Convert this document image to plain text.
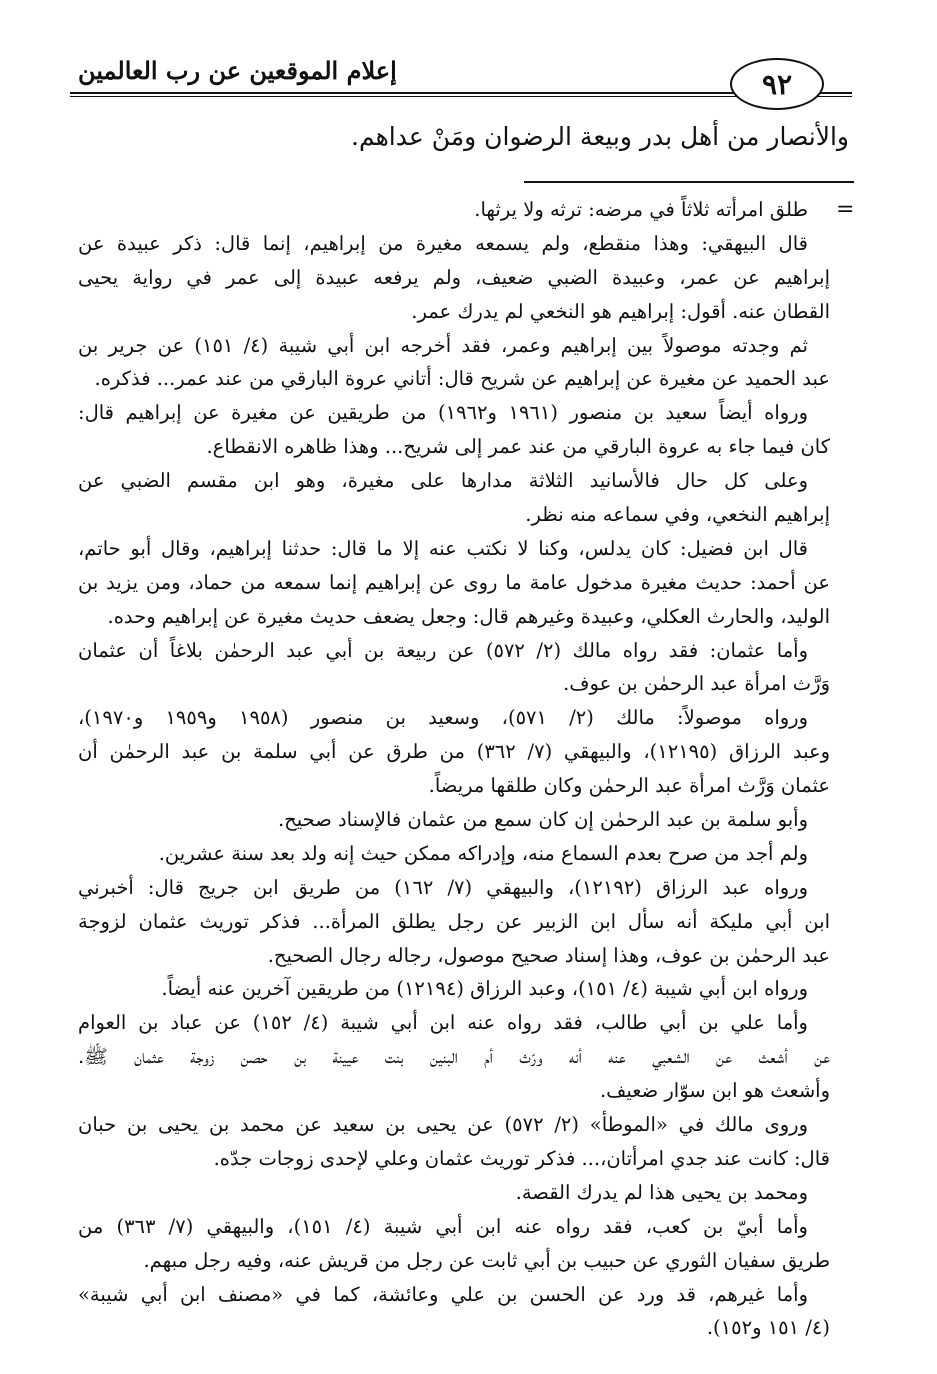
إعلام الموقعين عن رب العالمين	٩٢
والأنصار من أهل بدر وبيعة الرضوان ومَنْ عداهم.
=
طلق امرأته ثلاثاً في مرضه: ترثه ولا يرثها.
قال البيهقي: وهذا منقطع، ولم يسمعه مغيرة من إبراهيم، إنما قال: ذكر عبيدة عن
إبراهيم عن عمر، وعبيدة الضبي ضعيف، ولم يرفعه عبيدة إلى عمر في رواية يحيى
القطان عنه. أقول: إبراهيم هو النخعي لم يدرك عمر.
ثم وجدته موصولاً بين إبراهيم وعمر، فقد أخرجه ابن أبي شيبة (٤/ ١٥١) عن جرير بن
عبد الحميد عن مغيرة عن إبراهيم عن شريح قال: أتاني عروة البارقي من عند عمر... فذكره.
ورواه أيضاً سعيد بن منصور (١٩٦١ و١٩٦٢) من طريقين عن مغيرة عن إبراهيم قال:
كان فيما جاء به عروة البارقي من عند عمر إلى شريح... وهذا ظاهره الانقطاع.
وعلى كل حال فالأسانيد الثلاثة مدارها على مغيرة، وهو ابن مقسم الضبي عن
إبراهيم النخعي، وفي سماعه منه نظر.
قال ابن فضيل: كان يدلس، وكنا لا نكتب عنه إلا ما قال: حدثنا إبراهيم، وقال أبو حاتم،
عن أحمد: حديث مغيرة مدخول عامة ما روى عن إبراهيم إنما سمعه من حماد، ومن يزيد بن
الوليد، والحارث العكلي، وعبيدة وغيرهم قال: وجعل يضعف حديث مغيرة عن إبراهيم وحده.
وأما عثمان: فقد رواه مالك (٢/ ٥٧٢) عن ربيعة بن أبي عبد الرحمٰن بلاغاً أن عثمان
وَرَّث امرأة عبد الرحمٰن بن عوف.
ورواه موصولاً: مالك (٢/ ٥٧١)، وسعيد بن منصور (١٩٥٨ و١٩٥٩ و١٩٧٠)،
وعبد الرزاق (١٢١٩٥)، والبيهقي (٧/ ٣٦٢) من طرق عن أبي سلمة بن عبد الرحمٰن أن
عثمان وَرَّث امرأة عبد الرحمٰن وكان طلقها مريضاً.
وأبو سلمة بن عبد الرحمٰن إن كان سمع من عثمان فالإسناد صحيح.
ولم أجد من صرح بعدم السماع منه، وإدراكه ممكن حيث إنه ولد بعد سنة عشرين.
ورواه عبد الرزاق (١٢١٩٢)، والبيهقي (٧/ ١٦٢) من طريق ابن جريج قال: أخبرني
ابن أبي مليكة أنه سأل ابن الزبير عن رجل يطلق المرأة... فذكر توريث عثمان لزوجة
عبد الرحمٰن بن عوف، وهذا إسناد صحيح موصول، رجاله رجال الصحيح.
ورواه ابن أبي شيبة (٤/ ١٥١)، وعبد الرزاق (١٢١٩٤) من طريقين آخرين عنه أيضاً.
وأما علي بن أبي طالب، فقد رواه عنه ابن أبي شيبة (٤/ ١٥٢) عن عباد بن العوام
عن أشعث عن الشعبي عنه أنه ورّث أم البنين بنت عيينة بن حصن زوجة عثمان ﷺ.
وأشعث هو ابن سوّار ضعيف.
وروى مالك في «الموطأ» (٢/ ٥٧٢) عن يحيى بن سعيد عن محمد بن يحيى بن حبان
قال: كانت عند جدي امرأتان،... فذكر توريث عثمان وعلي لإحدى زوجات جدّه.
ومحمد بن يحيى هذا لم يدرك القصة.
وأما أبيّ بن كعب، فقد رواه عنه ابن أبي شيبة (٤/ ١٥١)، والبيهقي (٧/ ٣٦٣) من
طريق سفيان الثوري عن حبيب بن أبي ثابت عن رجل من قريش عنه، وفيه رجل مبهم.
وأما غيرهم، قد ورد عن الحسن بن علي وعائشة، كما في «مصنف ابن أبي شيبة»
(٤/ ١٥١ و١٥٢).
